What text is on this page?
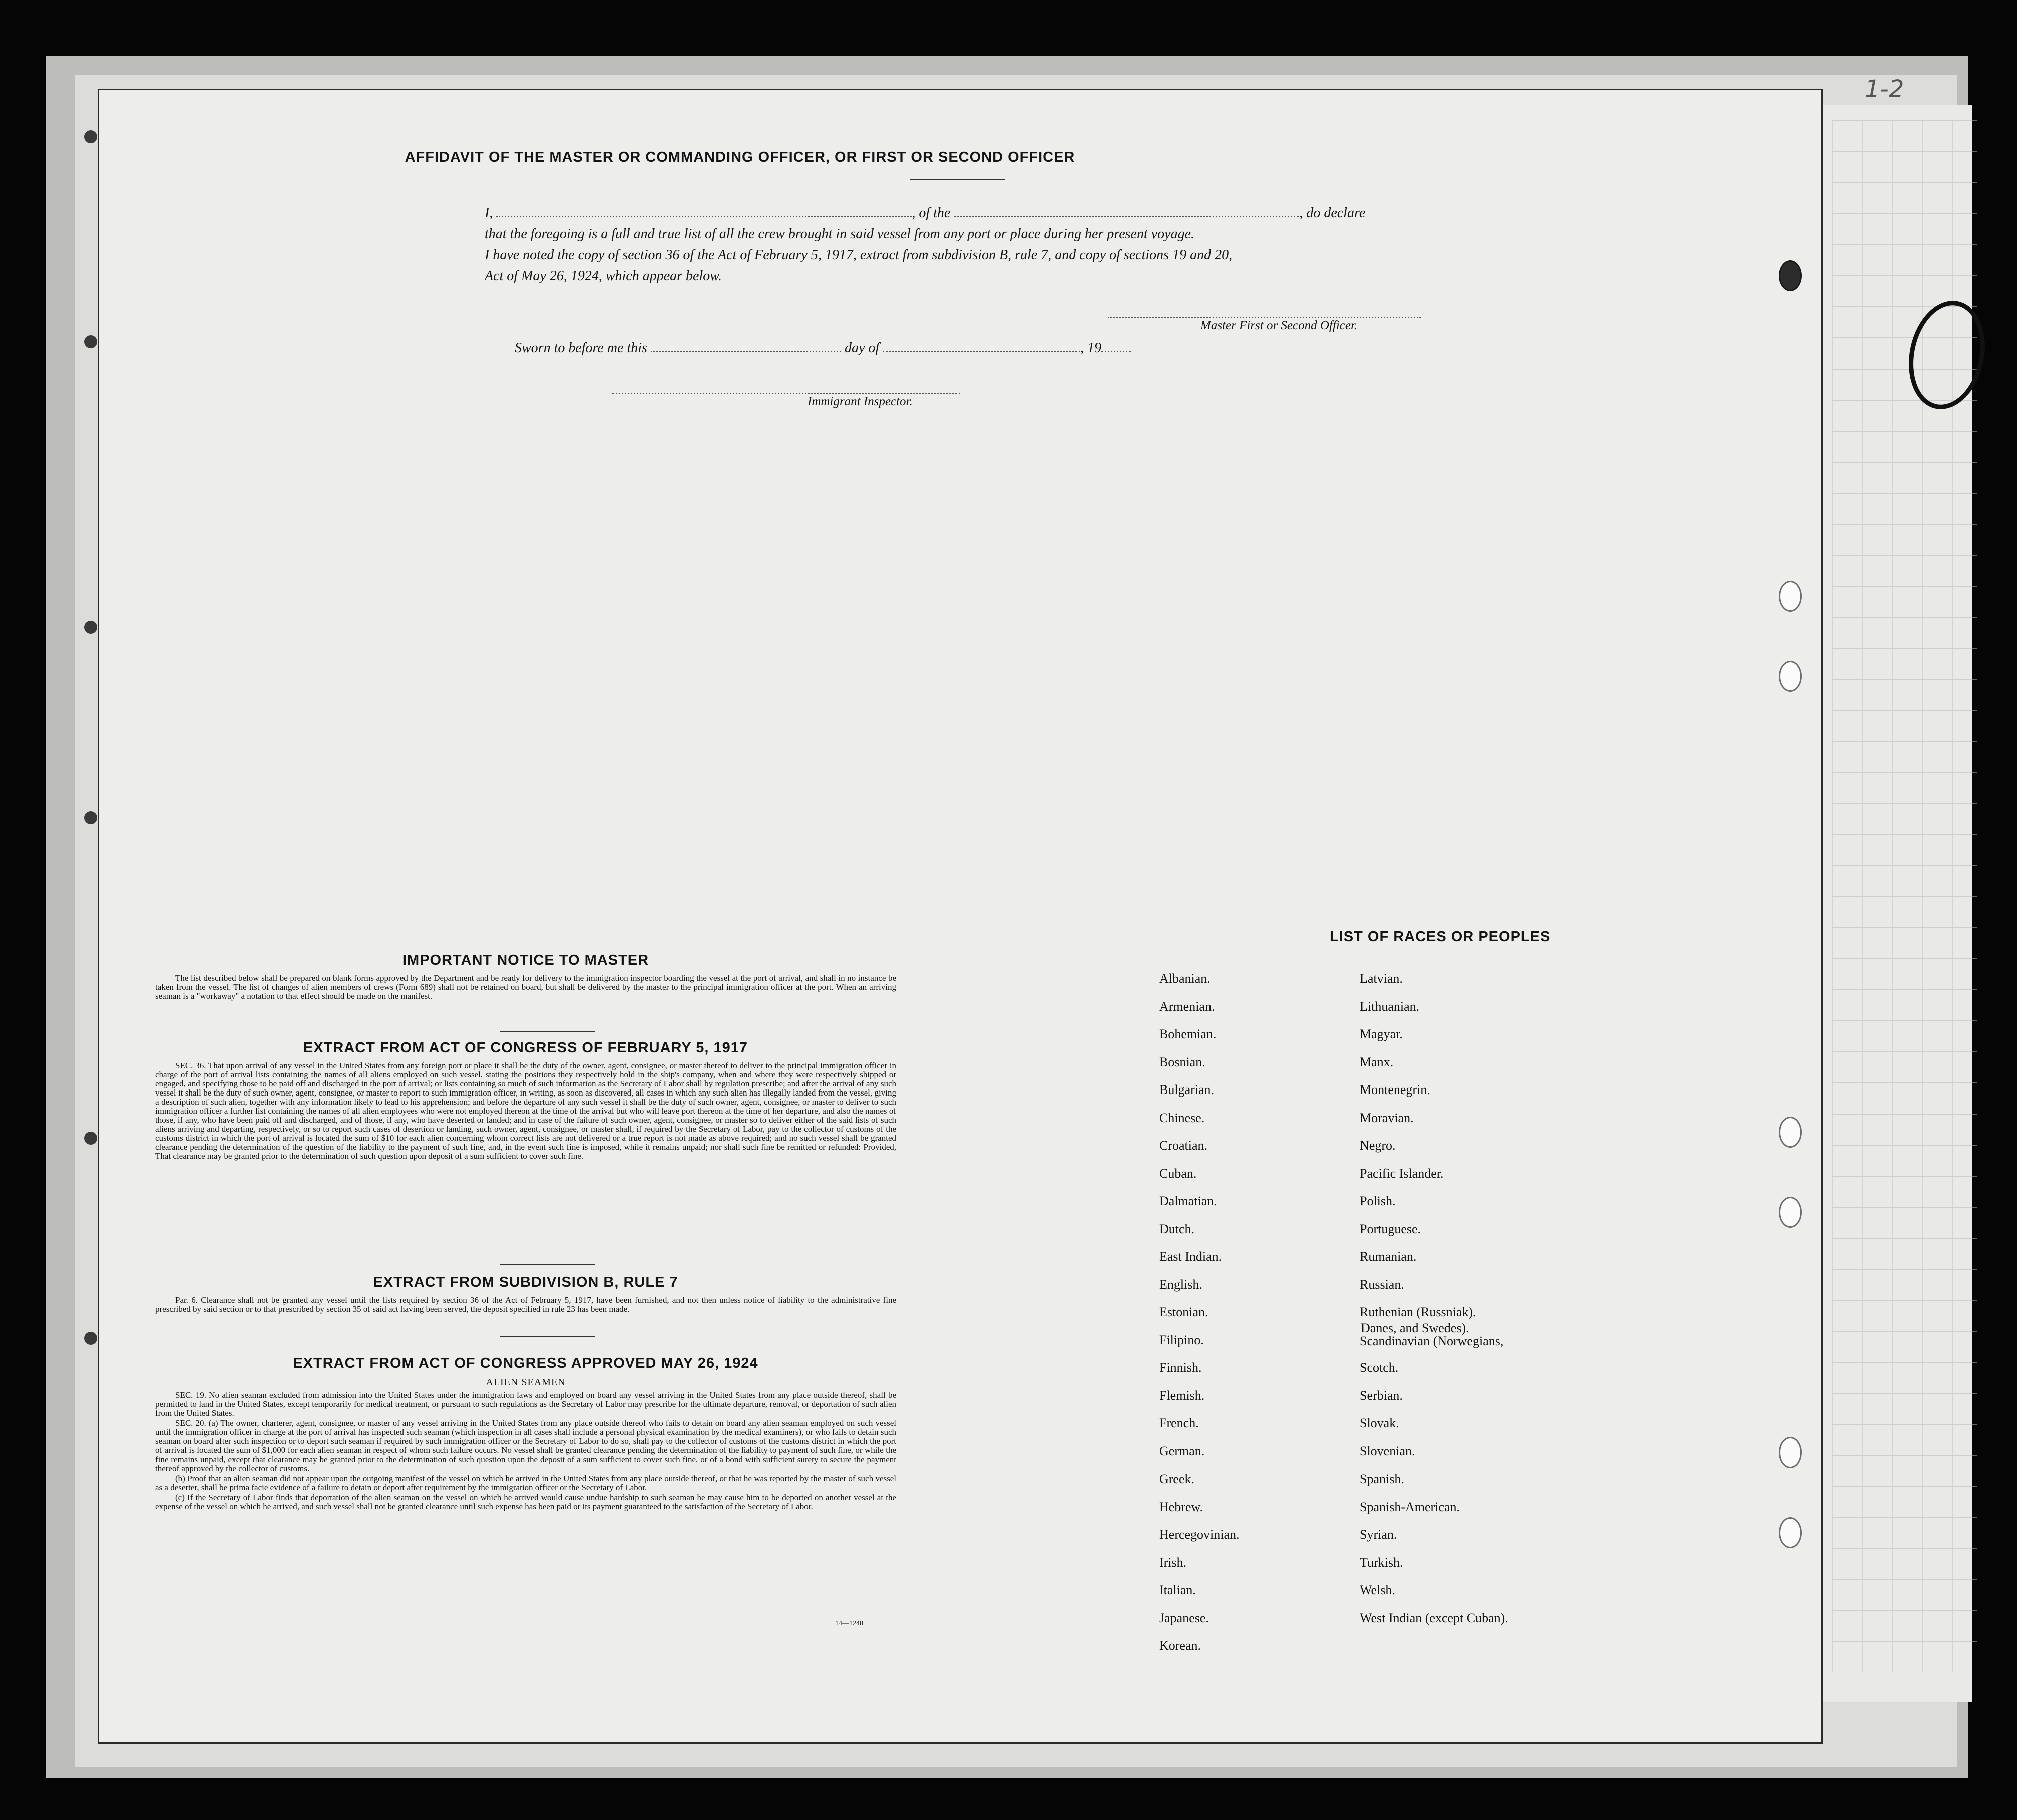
1-2

AFFIDAVIT OF THE MASTER OR COMMANDING OFFICER, OR FIRST OR SECOND OFFICER
I,	, of the	, do declare
that the foregoing is a full and true list of all the crew brought in said vessel from any port or place during her present voyage.
I have noted the copy of section 36 of the Act of February 5, 1917, extract from subdivision B, rule 7, and copy of sections 19 and 20,
Act of May 26, 1924, which appear below.
Master First or Second Officer.
Sworn to before me this	day of	, 19
Immigrant Inspector.
IMPORTANT NOTICE TO MASTER

The list described below shall be prepared on blank forms approved by the Department and be ready for delivery to the immigration inspector boarding the vessel at the port of arrival, and shall in no instance be taken from the vessel. The list of changes of alien members of crews (Form 689) shall not be retained on board, but shall be delivered by the master to the principal immigration officer at the port. When an arriving seaman is a "workaway" a notation to that effect should be made on the manifest.

EXTRACT FROM ACT OF CONGRESS OF FEBRUARY 5, 1917

SEC. 36. That upon arrival of any vessel in the United States from any foreign port or place it shall be the duty of the owner, agent, consignee, or master thereof to deliver to the principal immigration officer in charge of the port of arrival lists containing the names of all aliens employed on such vessel, stating the positions they respectively hold in the ship's company, when and where they were respectively shipped or engaged, and specifying those to be paid off and discharged in the port of arrival; or lists containing so much of such information as the Secretary of Labor shall by regulation prescribe; and after the arrival of any such vessel it shall be the duty of such owner, agent, consignee, or master to report to such immigration officer, in writing, as soon as discovered, all cases in which any such alien has illegally landed from the vessel, giving a description of such alien, together with any information likely to lead to his apprehension; and before the departure of any such vessel it shall be the duty of such owner, agent, consignee, or master to deliver to such immigration officer a further list containing the names of all alien employees who were not employed thereon at the time of the arrival but who will leave port thereon at the time of her departure, and also the names of those, if any, who have been paid off and discharged, and of those, if any, who have deserted or landed; and in case of the failure of such owner, agent, consignee, or master so to deliver either of the said lists of such aliens arriving and departing, respectively, or so to report such cases of desertion or landing, such owner, agent, consignee, or master shall, if required by the Secretary of Labor, pay to the collector of customs of the customs district in which the port of arrival is located the sum of $10 for each alien concerning whom correct lists are not delivered or a true report is not made as above required; and no such vessel shall be granted clearance pending the determination of the question of the liability to the payment of such fine, and, in the event such fine is imposed, while it remains unpaid; nor shall such fine be remitted or refunded: Provided, That clearance may be granted prior to the determination of such question upon deposit of a sum sufficient to cover such fine.

EXTRACT FROM SUBDIVISION B, RULE 7

Par. 6. Clearance shall not be granted any vessel until the lists required by section 36 of the Act of February 5, 1917, have been furnished, and not then unless notice of liability to the administrative fine prescribed by said section or to that prescribed by section 35 of said act having been served, the deposit specified in rule 23 has been made.

EXTRACT FROM ACT OF CONGRESS APPROVED MAY 26, 1924
ALIEN SEAMEN

SEC. 19. No alien seaman excluded from admission into the United States under the immigration laws and employed on board any vessel arriving in the United States from any place outside thereof, shall be permitted to land in the United States, except temporarily for medical treatment, or pursuant to such regulations as the Secretary of Labor may prescribe for the ultimate departure, removal, or deportation of such alien from the United States.

SEC. 20. (a) The owner, charterer, agent, consignee, or master of any vessel arriving in the United States from any place outside thereof who fails to detain on board any alien seaman employed on such vessel until the immigration officer in charge at the port of arrival has inspected such seaman (which inspection in all cases shall include a personal physical examination by the medical examiners), or who fails to detain such seaman on board after such inspection or to deport such seaman if required by such immigration officer or the Secretary of Labor to do so, shall pay to the collector of customs of the customs district in which the port of arrival is located the sum of $1,000 for each alien seaman in respect of whom such failure occurs. No vessel shall be granted clearance pending the determination of the liability to payment of such fine, or while the fine remains unpaid, except that clearance may be granted prior to the determination of such question upon the deposit of a sum sufficient to cover such fine, or of a bond with sufficient surety to secure the payment thereof approved by the collector of customs.

(b) Proof that an alien seaman did not appear upon the outgoing manifest of the vessel on which he arrived in the United States from any place outside thereof, or that he was reported by the master of such vessel as a deserter, shall be prima facie evidence of a failure to detain or deport after requirement by the immigration officer or the Secretary of Labor.

(c) If the Secretary of Labor finds that deportation of the alien seaman on the vessel on which he arrived would cause undue hardship to such seaman he may cause him to be deported on another vessel at the expense of the vessel on which he arrived, and such vessel shall not be granted clearance until such expense has been paid or its payment guaranteed to the satisfaction of the Secretary of Labor.

14—1240
LIST OF RACES OR PEOPLES
Albanian.
Armenian.
Bohemian.
Bosnian.
Bulgarian.
Chinese.
Croatian.
Cuban.
Dalmatian.
Dutch.
East Indian.
English.
Estonian.
Filipino.
Finnish.
Flemish.
French.
German.
Greek.
Hebrew.
Hercegovinian.
Irish.
Italian.
Japanese.
Korean.
Latvian.
Lithuanian.
Magyar.
Manx.
Montenegrin.
Moravian.
Negro.
Pacific Islander.
Polish.
Portuguese.
Rumanian.
Russian.
Ruthenian (Russniak).
Scandinavian (Norwegians,
Danes, and Swedes).
Scotch.
Serbian.
Slovak.
Slovenian.
Spanish.
Spanish-American.
Syrian.
Turkish.
Welsh.
West Indian (except Cuban).
